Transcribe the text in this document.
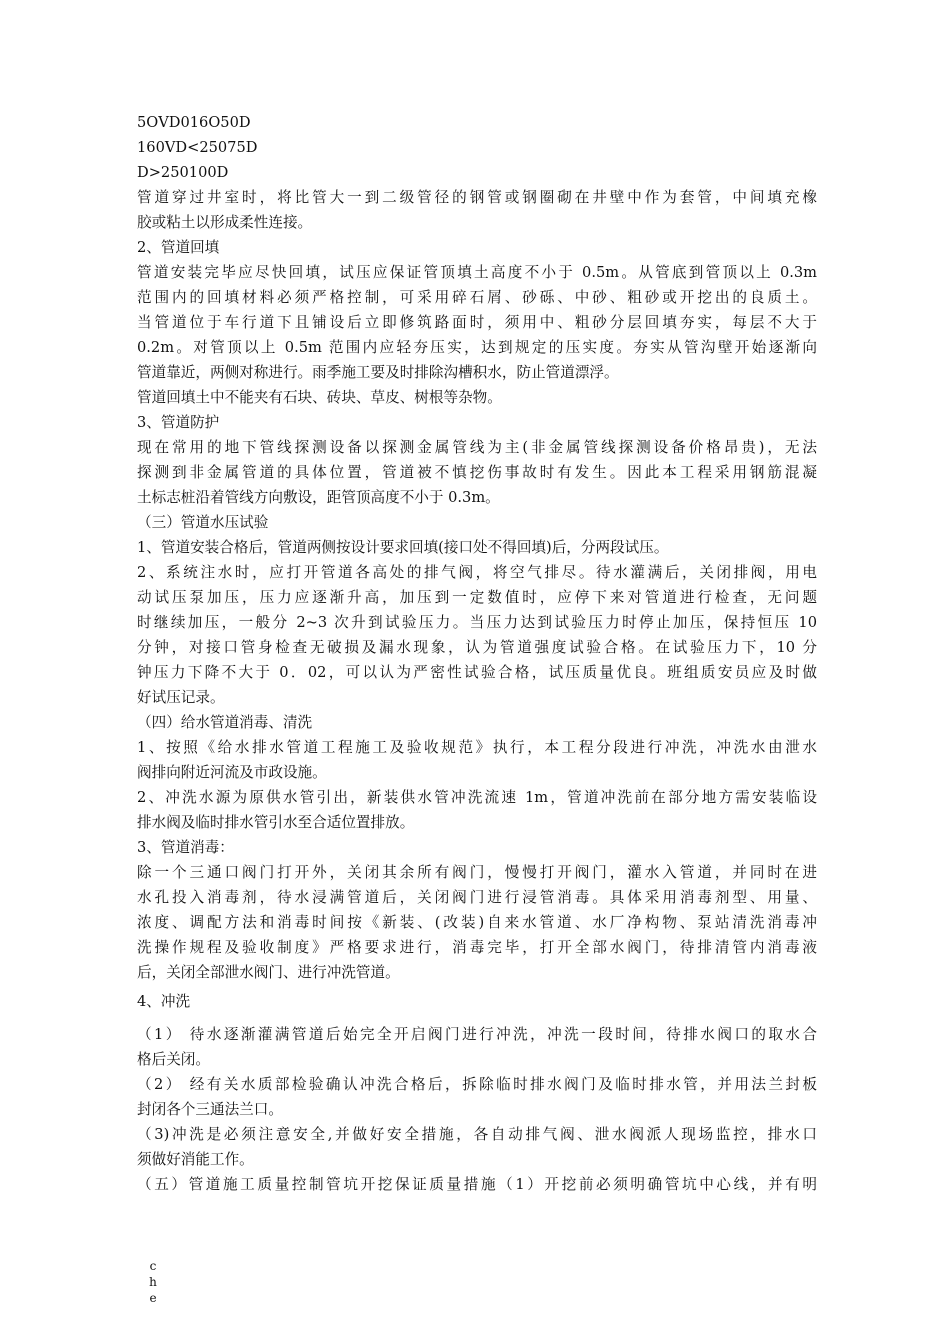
5OⅤD016O50D
160ⅤD<25075D
D>250100D
管道穿过井室时，将比管大一到二级管径的钢管或钢圈砌在井壁中作为套管，中间填充橡
胶或粘土以形成柔性连接。
2、管道回填
管道安装完毕应尽快回填，试压应保证管顶填土高度不小于 0.5m。从管底到管顶以上 0.3m
范围内的回填材料必须严格控制，可采用碎石屑、砂砾、中砂、粗砂或开挖出的良质土。
当管道位于车行道下且铺设后立即修筑路面时，须用中、粗砂分层回填夯实，每层不大于
0.2m。对管顶以上 0.5m 范围内应轻夯压实，达到规定的压实度。夯实从管沟壁开始逐渐向
管道靠近，两侧对称进行。雨季施工要及时排除沟槽积水，防止管道漂浮。
管道回填土中不能夹有石块、砖块、草皮、树根等杂物。
3、管道防护
现在常用的地下管线探测设备以探测金属管线为主(非金属管线探测设备价格昂贵)，无法
探测到非金属管道的具体位置，管道被不慎挖伤事故时有发生。因此本工程采用钢筋混凝
土标志桩沿着管线方向敷设，距管顶高度不小于 0.3m。
（三）管道水压试验
1、管道安装合格后，管道两侧按设计要求回填(接口处不得回填)后，分两段试压。
2、系统注水时，应打开管道各高处的排气阀，将空气排尽。待水灌满后，关闭排阀，用电
动试压泵加压，压力应逐渐升高，加压到一定数值时，应停下来对管道进行检查，无问题
时继续加压，一般分 2~3 次升到试验压力。当压力达到试验压力时停止加压，保持恒压 10
分钟，对接口管身检查无破损及漏水现象，认为管道强度试验合格。在试验压力下，10 分
钟压力下降不大于 0．02，可以认为严密性试验合格，试压质量优良。班组质安员应及时做
好试压记录。
（四）给水管道消毒、清洗
1、按照《给水排水管道工程施工及验收规范》执行，本工程分段进行冲洗，冲洗水由泄水
阀排向附近河流及市政设施。
2、冲洗水源为原供水管引出，新装供水管冲洗流速 1m，管道冲洗前在部分地方需安装临设
排水阀及临时排水管引水至合适位置排放。
3、管道消毒：
除一个三通口阀门打开外，关闭其余所有阀门，慢慢打开阀门，灌水入管道，并同时在进
水孔投入消毒剂，待水浸满管道后，关闭阀门进行浸管消毒。具体采用消毒剂型、用量、
浓度、调配方法和消毒时间按《新装、(改装)自来水管道、水厂净构物、泵站清洗消毒冲
洗操作规程及验收制度》严格要求进行，消毒完毕，打开全部水阀门，待排清管内消毒液
后，关闭全部泄水阀门、进行冲洗管道。
4、冲洗
（1） 待水逐渐灌满管道后始完全开启阀门进行冲洗，冲洗一段时间，待排水阀口的取水合
格后关闭。
（2） 经有关水质部检验确认冲洗合格后，拆除临时排水阀门及临时排水管，并用法兰封板
封闭各个三通法兰口。
（3)冲洗是必须注意安全,并做好安全措施，各自动排气阀、泄水阀派人现场监控，排水口
须做好消能工作。
（五）管道施工质量控制管坑开挖保证质量措施（1）开挖前必须明确管坑中心线，并有明
c
h
e
